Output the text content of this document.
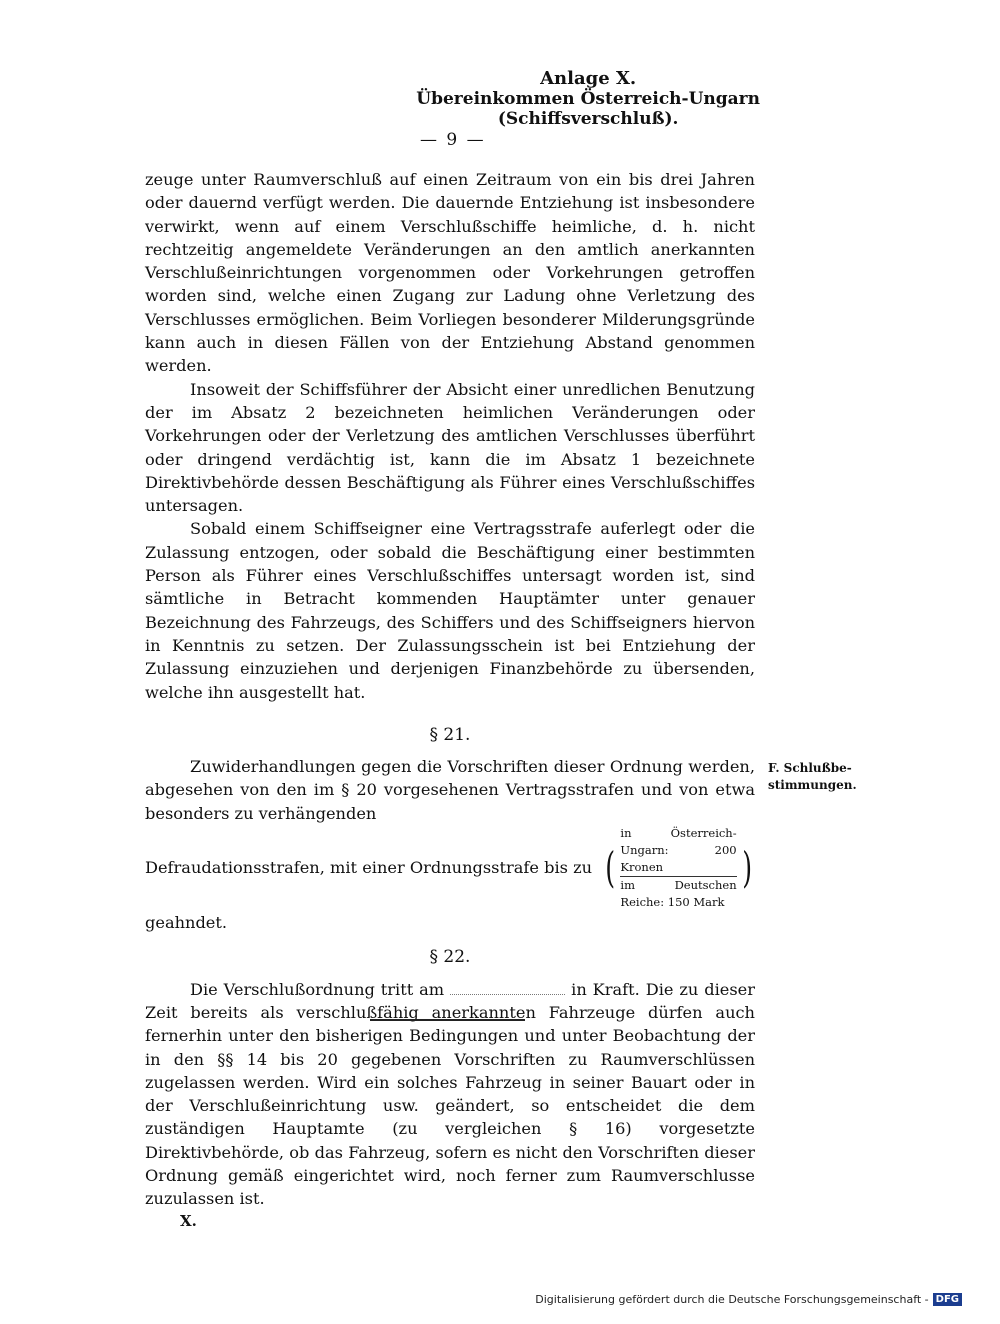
Anlage X.
Übereinkommen Österreich-Ungarn
(Schiffsverschluß).
— 9 —

zeuge unter Raumverschluß auf einen Zeitraum von ein bis drei Jahren oder dauernd verfügt werden. Die dauernde Entziehung ist insbesondere verwirkt, wenn auf einem Verschlußschiffe heimliche, d. h. nicht rechtzeitig angemeldete Veränderungen an den amtlich anerkannten Verschlußeinrichtungen vorgenommen oder Vorkehrungen getroffen worden sind, welche einen Zugang zur Ladung ohne Verletzung des Verschlusses ermöglichen. Beim Vorliegen besonderer Milderungsgründe kann auch in diesen Fällen von der Entziehung Abstand genommen werden.

Insoweit der Schiffsführer der Absicht einer unredlichen Benutzung der im Absatz 2 bezeichneten heimlichen Veränderungen oder Vorkehrungen oder der Verletzung des amtlichen Verschlusses überführt oder dringend verdächtig ist, kann die im Absatz 1 bezeichnete Direktivbehörde dessen Beschäftigung als Führer eines Verschlußschiffes untersagen.

Sobald einem Schiffseigner eine Vertragsstrafe auferlegt oder die Zulassung entzogen, oder sobald die Beschäftigung einer bestimmten Person als Führer eines Verschlußschiffes untersagt worden ist, sind sämtliche in Betracht kommenden Hauptämter unter genauer Bezeichnung des Fahrzeugs, des Schiffers und des Schiffseigners hiervon in Kenntnis zu setzen. Der Zulassungsschein ist bei Entziehung der Zulassung einzuziehen und derjenigen Finanzbehörde zu übersenden, welche ihn ausgestellt hat.

§ 21.

Zuwiderhandlungen gegen die Vorschriften dieser Ordnung werden, abgesehen von den im § 20 vorgesehenen Vertragsstrafen und von etwa besonders zu verhängenden

Defraudationsstrafen, mit einer Ordnungsstrafe bis zu (
in Österreich-Ungarn: 200 Kronen
im Deutschen Reiche: 150 Mark
)

geahndet.

§ 22.

Die Verschlußordnung tritt am	in Kraft. Die zu dieser Zeit bereits als verschlußfähig anerkannten Fahrzeuge dürfen auch fernerhin unter den bisherigen Bedingungen und unter Beobachtung der in den §§ 14 bis 20 gegebenen Vorschriften zu Raumverschlüssen zugelassen werden. Wird ein solches Fahrzeug in seiner Bauart oder in der Verschlußeinrichtung usw. geändert, so entscheidet die dem zuständigen Hauptamte (zu vergleichen § 16) vorgesetzte Direktivbehörde, ob das Fahrzeug, sofern es nicht den Vorschriften dieser Ordnung gemäß eingerichtet wird, noch ferner zum Raumverschlusse zuzulassen ist.

F. Schlußbe-
stimmungen.
X.
Digitalisierung gefördert durch die Deutsche Forschungsgemeinschaft - DFG
